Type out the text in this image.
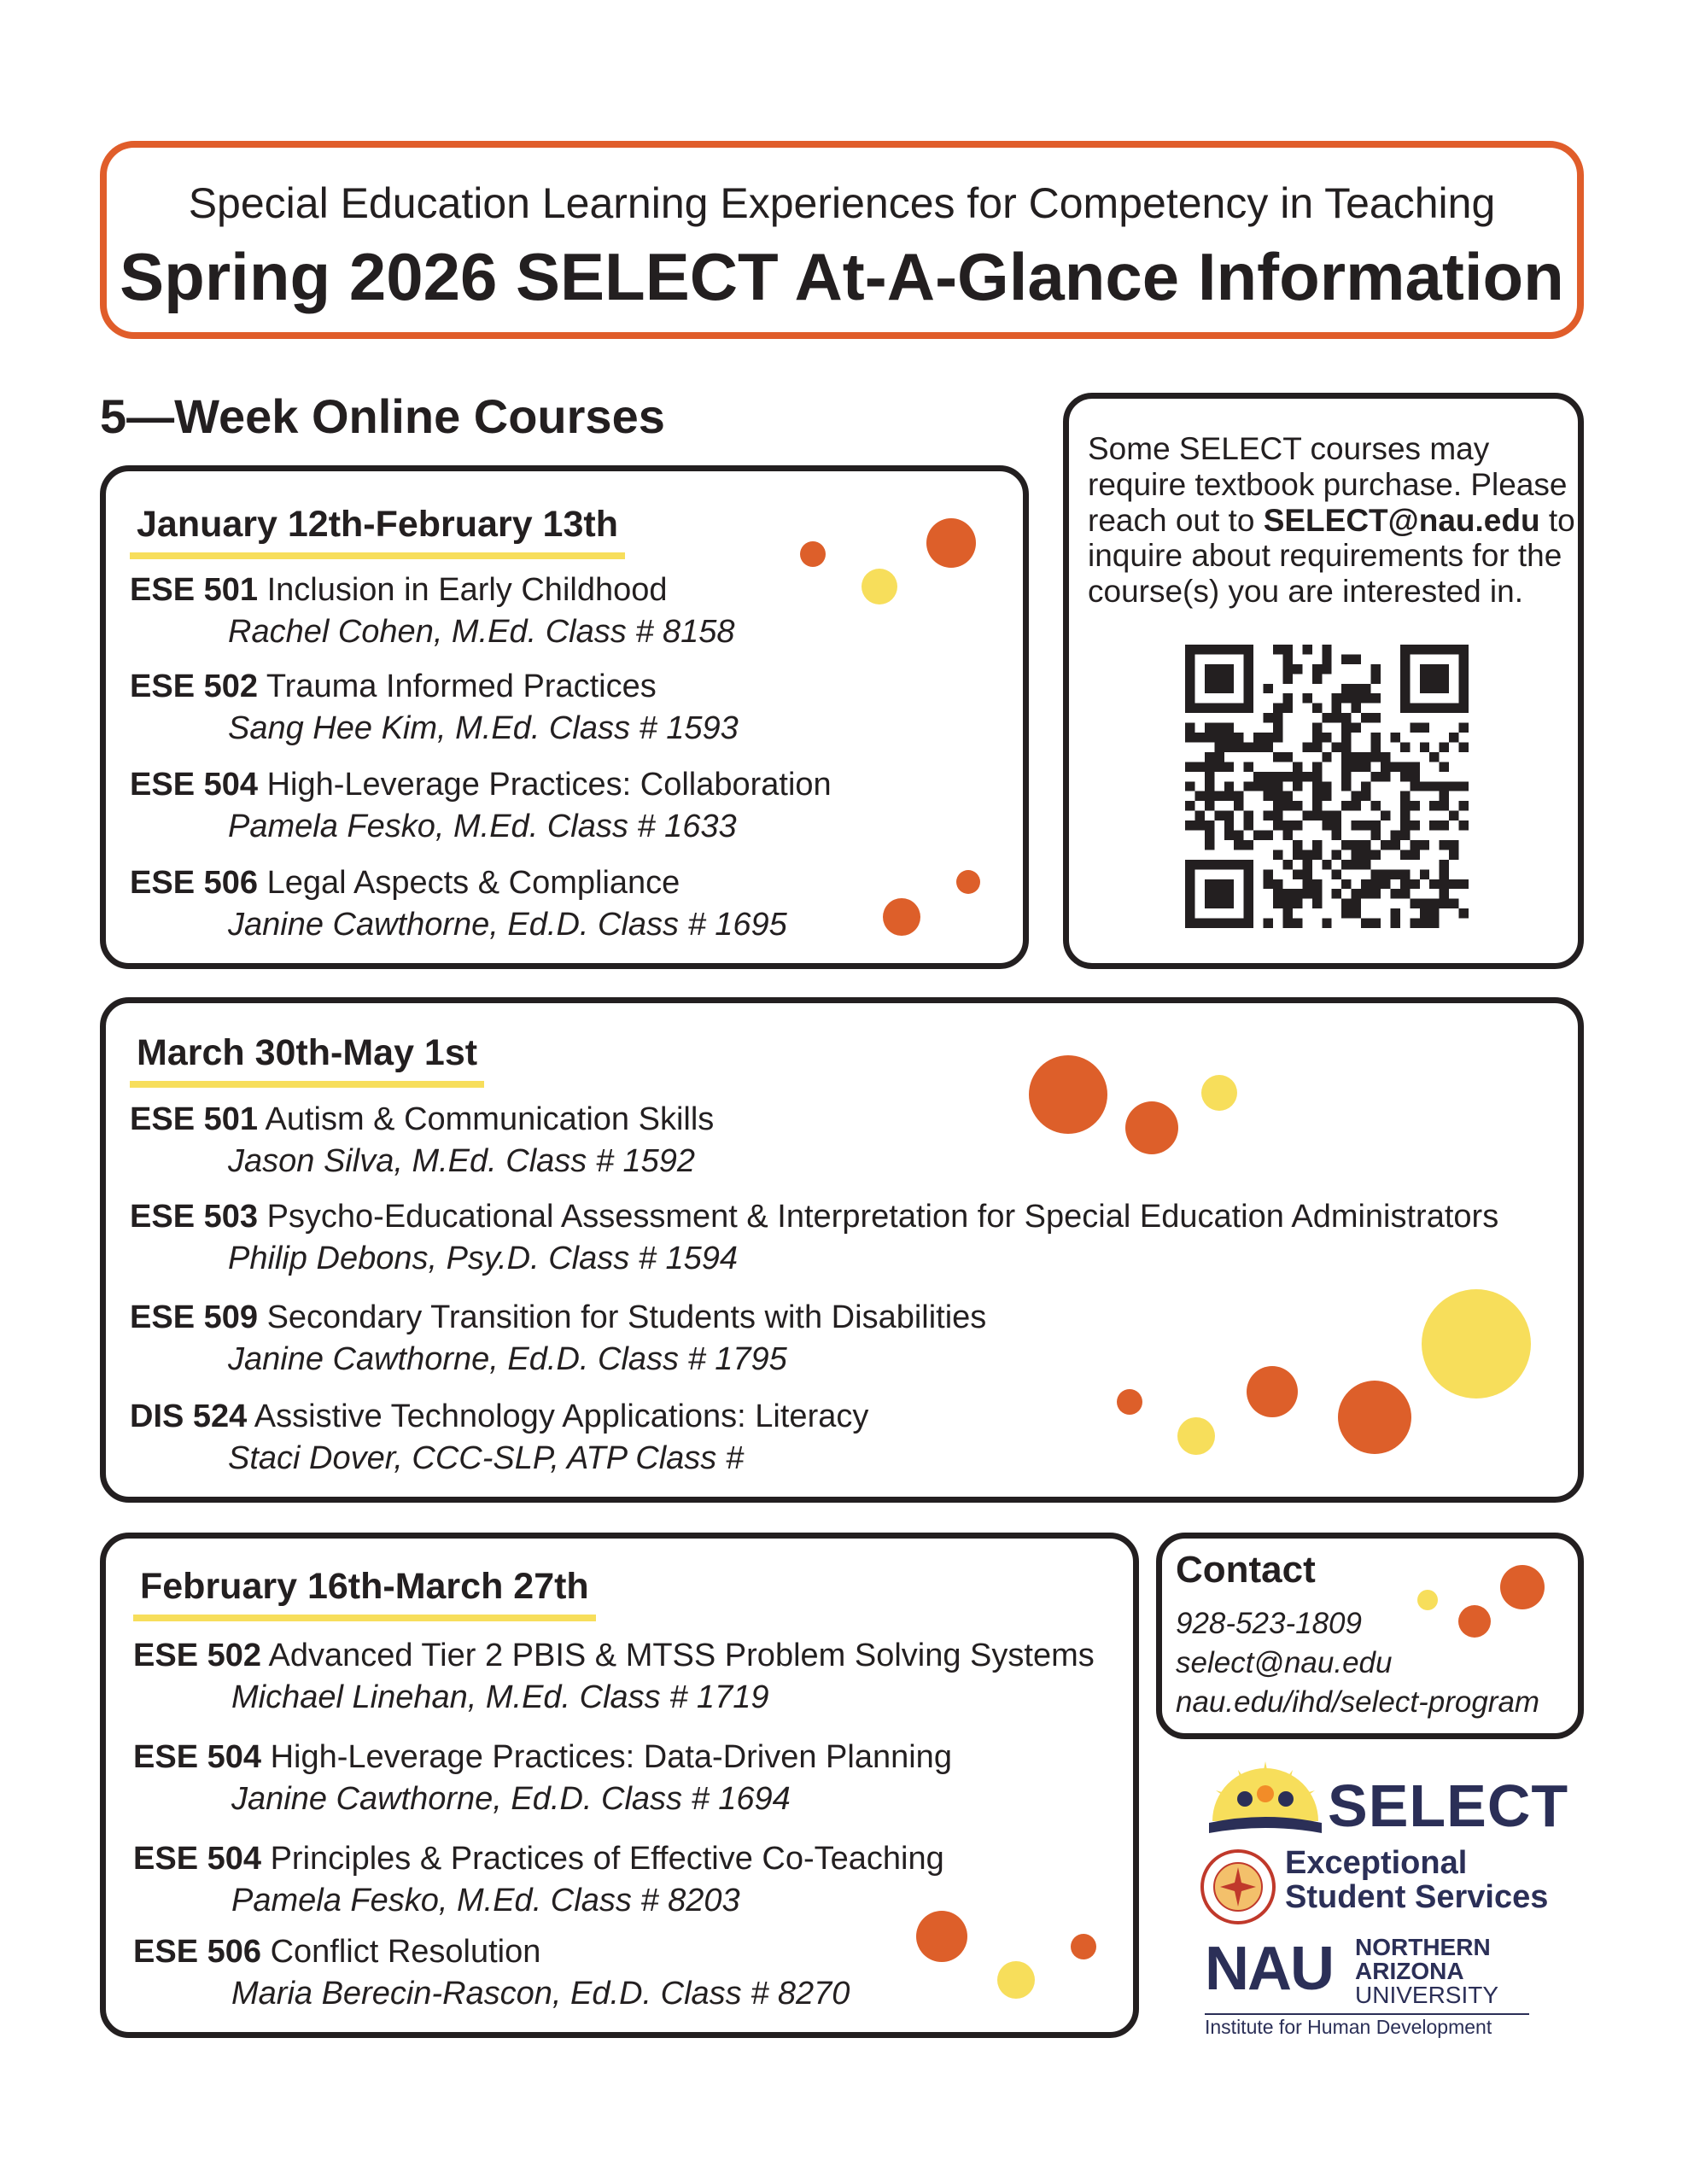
Special Education Learning Experiences for Competency in Teaching
Spring 2026 SELECT At-A-Glance Information
5—Week Online Courses
January 12th-February 13th
ESE 501 Inclusion in Early Childhood
Rachel Cohen, M.Ed. Class # 8158
ESE 502 Trauma Informed Practices
Sang Hee Kim, M.Ed. Class # 1593
ESE 504 High-Leverage Practices: Collaboration
Pamela Fesko, M.Ed. Class # 1633
ESE 506 Legal Aspects & Compliance
Janine Cawthorne, Ed.D. Class # 1695
Some SELECT courses may require textbook purchase. Please reach out to SELECT@nau.edu to inquire about requirements for the course(s) you are interested in.
March 30th-May 1st
ESE 501 Autism & Communication Skills
Jason Silva, M.Ed. Class # 1592
ESE 503 Psycho-Educational Assessment & Interpretation for Special Education Administrators
Philip Debons, Psy.D. Class # 1594
ESE 509 Secondary Transition for Students with Disabilities
Janine Cawthorne, Ed.D. Class # 1795
DIS 524 Assistive Technology Applications: Literacy
Staci Dover, CCC-SLP, ATP Class #
February 16th-March 27th
ESE 502 Advanced Tier 2 PBIS & MTSS Problem Solving Systems
Michael Linehan, M.Ed. Class # 1719
ESE 504 High-Leverage Practices: Data-Driven Planning
Janine Cawthorne, Ed.D. Class # 1694
ESE 504 Principles & Practices of Effective Co-Teaching
Pamela Fesko, M.Ed. Class # 8203
ESE 506 Conflict Resolution
Maria Berecin-Rascon, Ed.D. Class # 8270
Contact
928-523-1809
select@nau.edu
nau.edu/ihd/select-program
SELECT
Exceptional
Student Services
NAU NORTHERN
ARIZONA
UNIVERSITY
Institute for Human Development
